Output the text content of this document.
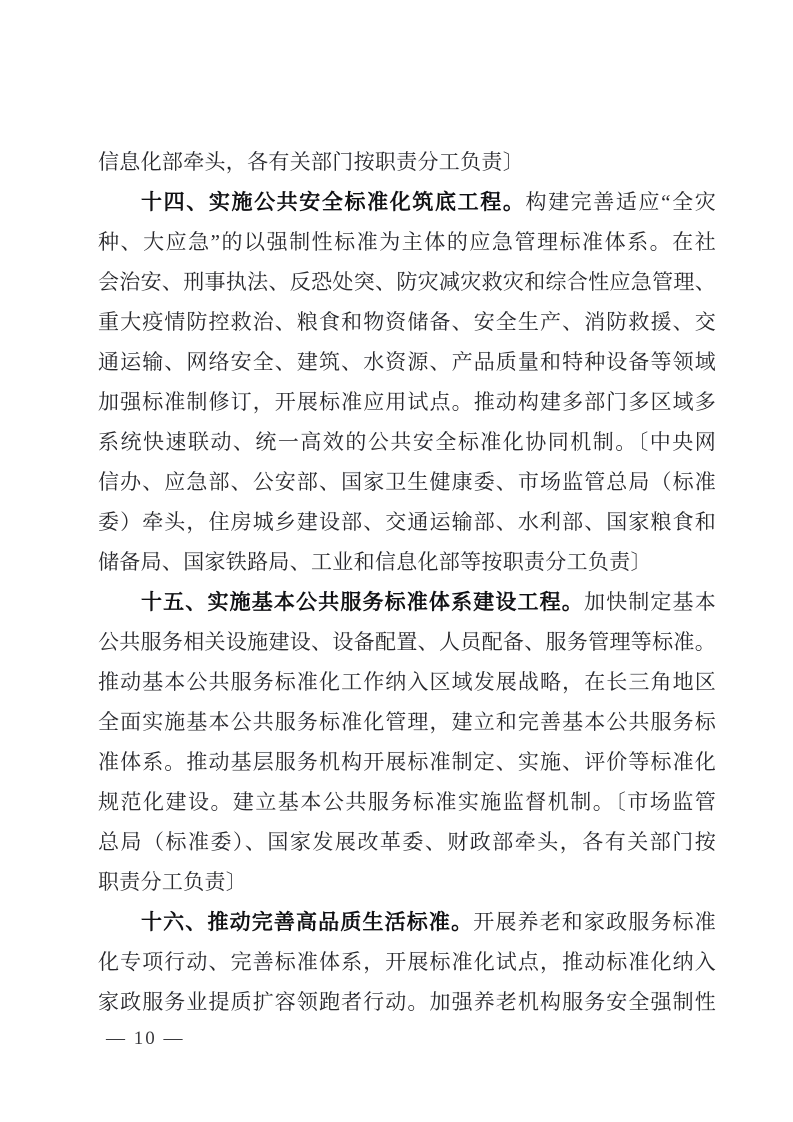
信息化部牵头，各有关部门按职责分工负责〕
十四、实施公共安全标准化筑底工程。构建完善适应“全灾
种、大应急”的以强制性标准为主体的应急管理标准体系。在社
会治安、刑事执法、反恐处突、防灾减灾救灾和综合性应急管理、
重大疫情防控救治、粮食和物资储备、安全生产、消防救援、交
通运输、网络安全、建筑、水资源、产品质量和特种设备等领域
加强标准制修订，开展标准应用试点。推动构建多部门多区域多
系统快速联动、统一高效的公共安全标准化协同机制。〔中央网
信办、应急部、公安部、国家卫生健康委、市场监管总局（标准
委）牵头，住房城乡建设部、交通运输部、水利部、国家粮食和
储备局、国家铁路局、工业和信息化部等按职责分工负责〕
十五、实施基本公共服务标准体系建设工程。加快制定基本
公共服务相关设施建设、设备配置、人员配备、服务管理等标准。
推动基本公共服务标准化工作纳入区域发展战略，在长三角地区
全面实施基本公共服务标准化管理，建立和完善基本公共服务标
准体系。推动基层服务机构开展标准制定、实施、评价等标准化
规范化建设。建立基本公共服务标准实施监督机制。〔市场监管
总局（标准委）、国家发展改革委、财政部牵头，各有关部门按
职责分工负责〕
十六、推动完善高品质生活标准。开展养老和家政服务标准
化专项行动、完善标准体系，开展标准化试点，推动标准化纳入
家政服务业提质扩容领跑者行动。加强养老机构服务安全强制性
— 10 —
